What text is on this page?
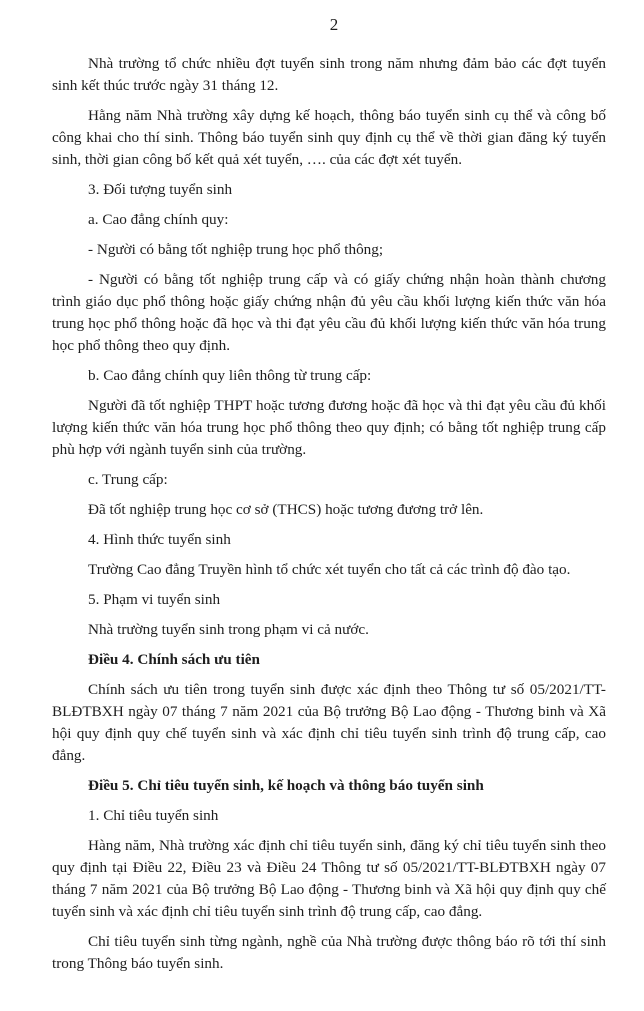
2

Nhà trường tổ chức nhiều đợt tuyển sinh trong năm nhưng đảm bảo các đợt tuyển sinh kết thúc trước ngày 31 tháng 12.

Hằng năm Nhà trường xây dựng kế hoạch, thông báo tuyển sinh cụ thể và công bố công khai cho thí sinh. Thông báo tuyển sinh quy định cụ thể về thời gian đăng ký tuyển sinh, thời gian công bố kết quả xét tuyển, …. của các đợt xét tuyển.

3. Đối tượng tuyển sinh

a. Cao đẳng chính quy:

- Người có bằng tốt nghiệp trung học phổ thông;

- Người có bằng tốt nghiệp trung cấp và có giấy chứng nhận hoàn thành chương trình giáo dục phổ thông hoặc giấy chứng nhận đủ yêu cầu khối lượng kiến thức văn hóa trung học phổ thông hoặc đã học và thi đạt yêu cầu đủ khối lượng kiến thức văn hóa trung học phổ thông theo quy định.

b. Cao đẳng chính quy liên thông từ trung cấp:

Người đã tốt nghiệp THPT hoặc tương đương hoặc đã học và thi đạt yêu cầu đủ khối lượng kiến thức văn hóa trung học phổ thông theo quy định; có bằng tốt nghiệp trung cấp phù hợp với ngành tuyển sinh của trường.

c. Trung cấp:

Đã tốt nghiệp trung học cơ sở (THCS) hoặc tương đương trở lên.

4. Hình thức tuyển sinh

Trường Cao đẳng Truyền hình tổ chức xét tuyển cho tất cả các trình độ đào tạo.

5. Phạm vi tuyển sinh

Nhà trường tuyển sinh trong phạm vi cả nước.

Điều 4. Chính sách ưu tiên

Chính sách ưu tiên trong tuyển sinh được xác định theo Thông tư số 05/2021/TT-BLĐTBXH ngày 07 tháng 7 năm 2021 của Bộ trưởng Bộ Lao động - Thương binh và Xã hội quy định quy chế tuyển sinh và xác định chỉ tiêu tuyển sinh trình độ trung cấp, cao đẳng.

Điều 5. Chỉ tiêu tuyển sinh, kế hoạch và thông báo tuyển sinh

1. Chỉ tiêu tuyển sinh

Hàng năm, Nhà trường xác định chỉ tiêu tuyển sinh, đăng ký chỉ tiêu tuyển sinh theo quy định tại Điều 22, Điều 23 và Điều 24 Thông tư số 05/2021/TT-BLĐTBXH ngày 07 tháng 7 năm 2021 của Bộ trưởng Bộ Lao động - Thương binh và Xã hội quy định quy chế tuyển sinh và xác định chỉ tiêu tuyển sinh trình độ trung cấp, cao đẳng.

Chỉ tiêu tuyển sinh từng ngành, nghề của Nhà trường được thông báo rõ tới thí sinh trong Thông báo tuyển sinh.
